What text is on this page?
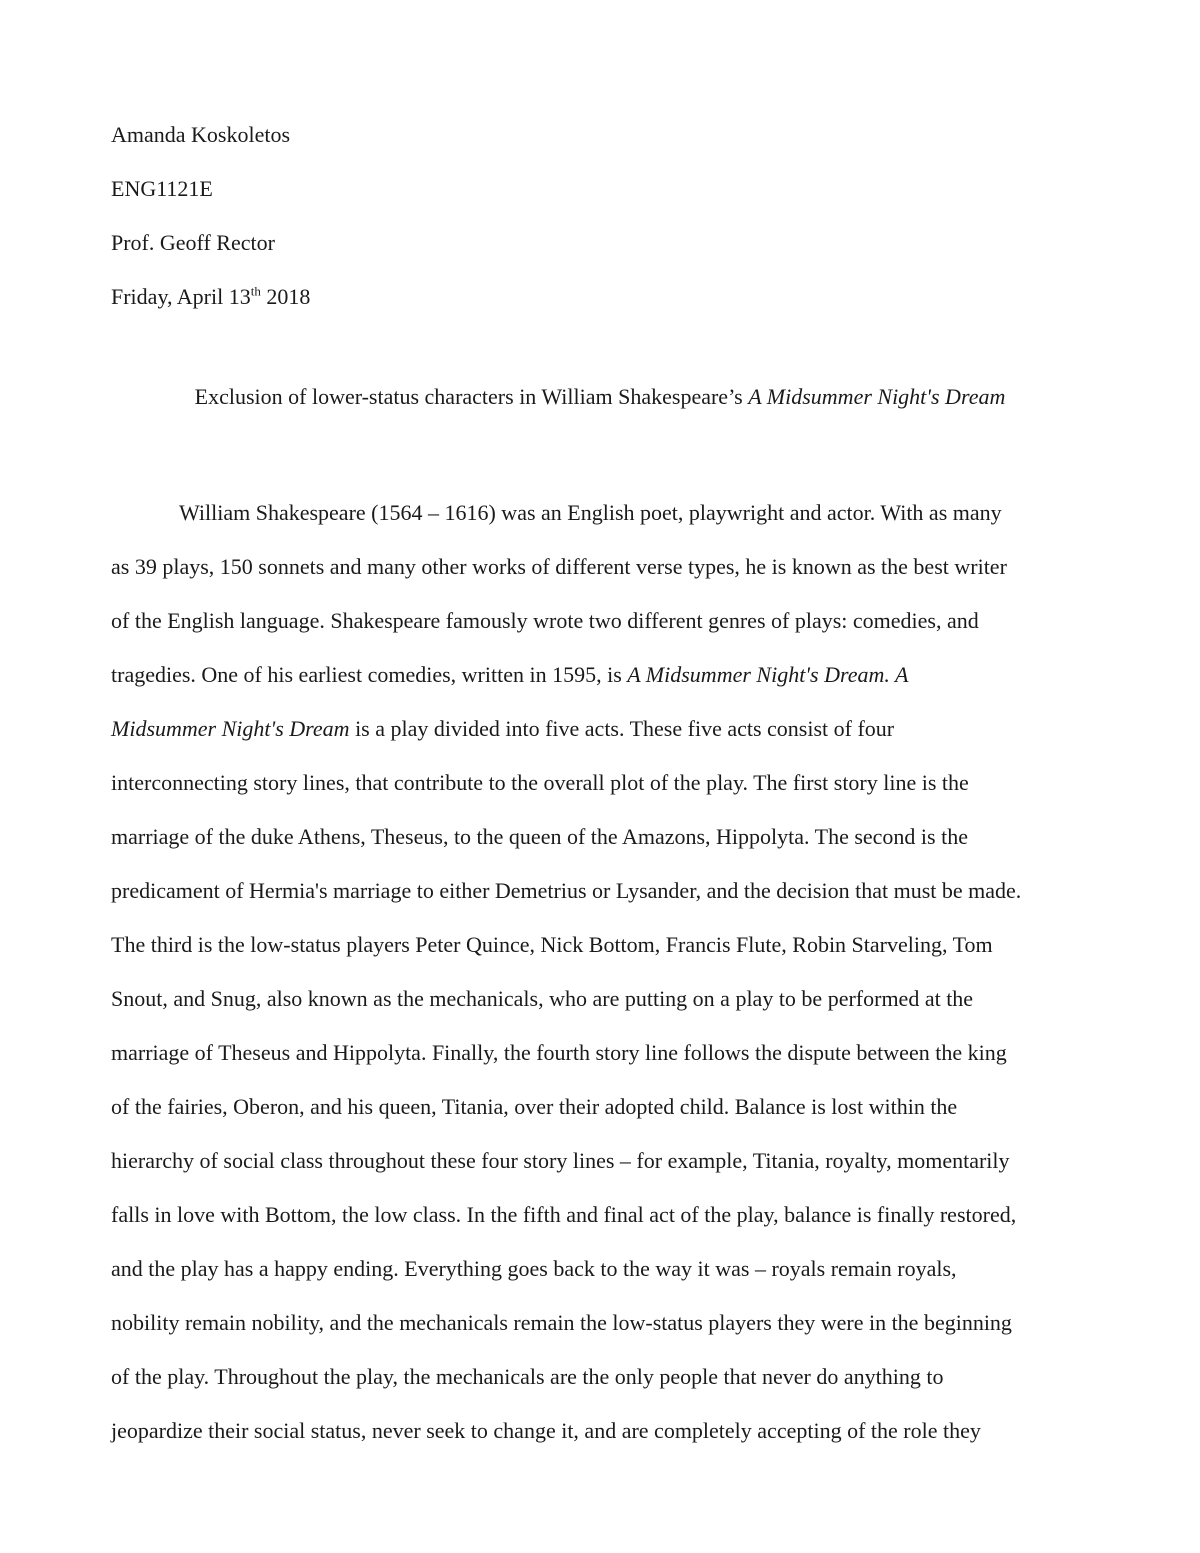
Amanda Koskoletos
ENG1121E
Prof. Geoff Rector
Friday, April 13th 2018
Exclusion of lower-status characters in William Shakespeare’s A Midsummer Night's Dream
William Shakespeare (1564 – 1616) was an English poet, playwright and actor. With as many
as 39 plays, 150 sonnets and many other works of different verse types, he is known as the best writer
of the English language. Shakespeare famously wrote two different genres of plays: comedies, and
tragedies. One of his earliest comedies, written in 1595, is A Midsummer Night's Dream. A
Midsummer Night's Dream is a play divided into five acts. These five acts consist of four
interconnecting story lines, that contribute to the overall plot of the play. The first story line is the
marriage of the duke Athens, Theseus, to the queen of the Amazons, Hippolyta. The second is the
predicament of Hermia's marriage to either Demetrius or Lysander, and the decision that must be made.
The third is the low-status players Peter Quince, Nick Bottom, Francis Flute, Robin Starveling, Tom
Snout, and Snug, also known as the mechanicals, who are putting on a play to be performed at the
marriage of Theseus and Hippolyta. Finally, the fourth story line follows the dispute between the king
of the fairies, Oberon, and his queen, Titania, over their adopted child. Balance is lost within the
hierarchy of social class throughout these four story lines – for example, Titania, royalty, momentarily
falls in love with Bottom, the low class. In the fifth and final act of the play, balance is finally restored,
and the play has a happy ending. Everything goes back to the way it was – royals remain royals,
nobility remain nobility, and the mechanicals remain the low-status players they were in the beginning
of the play. Throughout the play, the mechanicals are the only people that never do anything to
jeopardize their social status, never seek to change it, and are completely accepting of the role they
